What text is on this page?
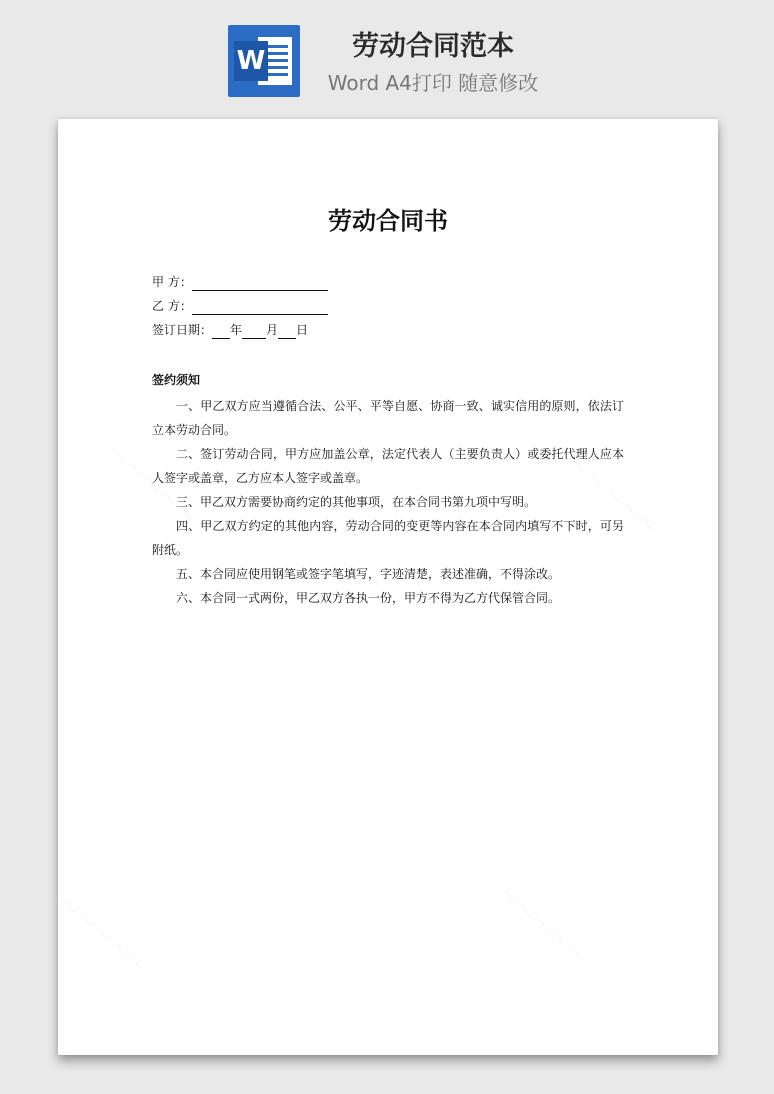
W	劳动合同范本
Word A4打印 随意修改
劳动合同书
甲 方：
乙 方：
签订日期： 年 月 日
签约须知

一、甲乙双方应当遵循合法、公平、平等自愿、协商一致、诚实信用的原则，依法订立本劳动合同。

二、签订劳动合同，甲方应加盖公章，法定代表人（主要负责人）或委托代理人应本人签字或盖章，乙方应本人签字或盖章。

三、甲乙双方需要协商约定的其他事项，在本合同书第九项中写明。

四、甲乙双方约定的其他内容，劳动合同的变更等内容在本合同内填写不下时，可另附纸。

五、本合同应使用钢笔或签字笔填写，字迹清楚，表述准确，不得涂改。

六、本合同一式两份，甲乙双方各执一份，甲方不得为乙方代保管合同。
